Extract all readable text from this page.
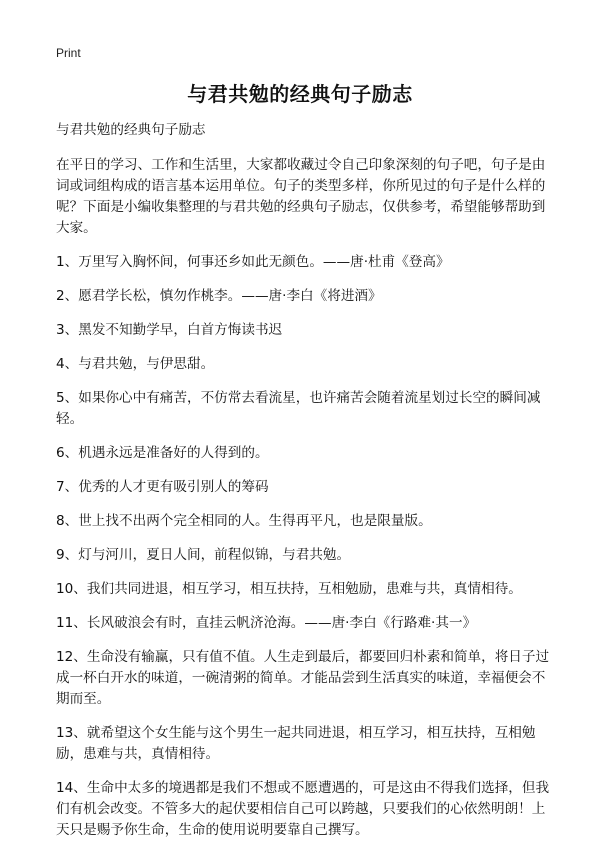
Print
与君共勉的经典句子励志

与君共勉的经典句子励志

在平日的学习、工作和生活里，大家都收藏过令自己印象深刻的句子吧，句子是由词或词组构成的语言基本运用单位。句子的类型多样，你所见过的句子是什么样的呢？下面是小编收集整理的与君共勉的经典句子励志，仅供参考，希望能够帮助到大家。

1、万里写入胸怀间，何事还乡如此无颜色。——唐·杜甫《登高》

2、愿君学长松，慎勿作桃李。——唐·李白《将进酒》

3、黑发不知勤学早，白首方悔读书迟

4、与君共勉，与伊思甜。

5、如果你心中有痛苦，不仿常去看流星，也许痛苦会随着流星划过长空的瞬间减轻。

6、机遇永远是准备好的人得到的。

7、优秀的人才更有吸引别人的筹码

8、世上找不出两个完全相同的人。生得再平凡，也是限量版。

9、灯与河川，夏日人间，前程似锦，与君共勉。

10、我们共同进退，相互学习，相互扶持，互相勉励，患难与共，真情相待。

11、长风破浪会有时，直挂云帆济沧海。——唐·李白《行路难·其一》

12、生命没有输赢，只有值不值。人生走到最后，都要回归朴素和简单，将日子过成一杯白开水的味道，一碗清粥的简单。才能品尝到生活真实的味道，幸福便会不期而至。

13、就希望这个女生能与这个男生一起共同进退，相互学习，相互扶持，互相勉励，患难与共，真情相待。

14、生命中太多的境遇都是我们不想或不愿遭遇的，可是这由不得我们选择，但我们有机会改变。不管多大的起伏要相信自己可以跨越，只要我们的心依然明朗！上天只是赐予你生命，生命的使用说明要靠自己撰写。
